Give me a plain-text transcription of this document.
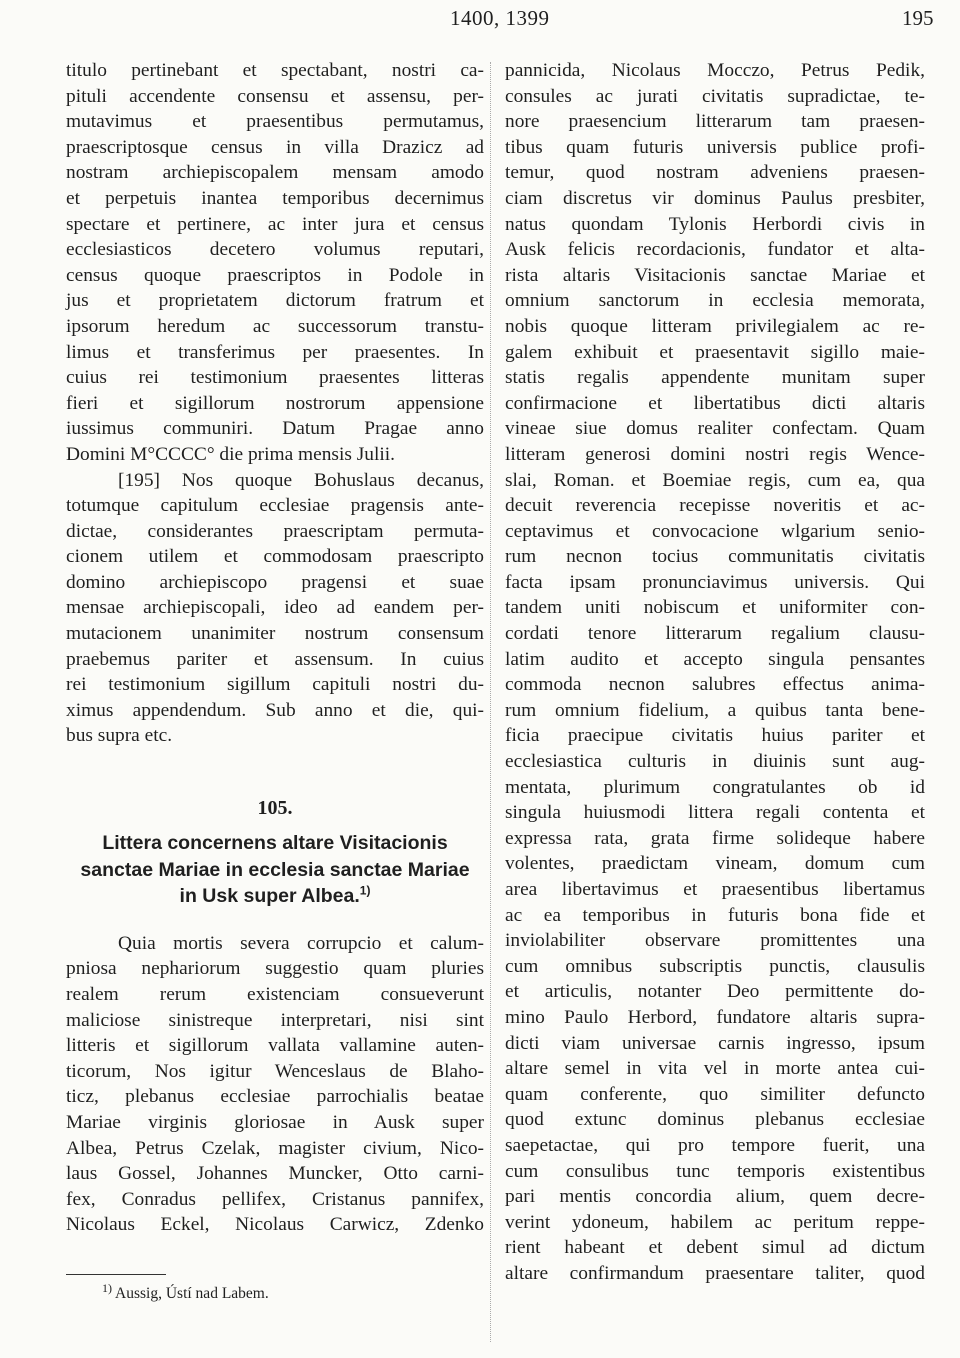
1400, 1399	195
titulo pertinebant et spectabant, nostri ca-
pituli accendente consensu et assensu, per-
mutavimus et praesentibus permutamus,
praescriptosque census in villa Drazicz ad
nostram archiepiscopalem mensam amodo
et perpetuis inantea temporibus decernimus
spectare et pertinere, ac inter jura et census
ecclesiasticos decetero volumus reputari,
census quoque praescriptos in Podole in
jus et proprietatem dictorum fratrum et
ipsorum heredum ac successorum transtu-
limus et transferimus per praesentes. In
cuius rei testimonium praesentes litteras
fieri et sigillorum nostrorum appensione
iussimus communiri. Datum Pragae anno
Domini M°CCCC° die prima mensis Julii.
[195] Nos quoque Bohuslaus decanus,
totumque capitulum ecclesiae pragensis ante-
dictae, considerantes praescriptam permuta-
cionem utilem et commodosam praescripto
domino archiepiscopo pragensi et suae
mensae archiepiscopali, ideo ad eandem per-
mutacionem unanimiter nostrum consensum
praebemus pariter et assensum. In cuius
rei testimonium sigillum capituli nostri du-
ximus appendendum. Sub anno et die, qui-
bus supra etc.
105.
Littera concernens altare Visitacionis
sanctae Mariae in ecclesia sanctae Mariae
in Usk super Albea.$^{1)}$
Quia mortis severa corrupcio et calum-
pniosa nephariorum suggestio quam pluries
realem rerum existenciam consueverunt
maliciose sinistreque interpretari, nisi sint
litteris et sigillorum vallata vallamine auten-
ticorum, Nos igitur Wenceslaus de Blaho-
ticz, plebanus ecclesiae parrochialis beatae
Mariae virginis gloriosae in Ausk super
Albea, Petrus Czelak, magister civium, Nico-
laus Gossel, Johannes Muncker, Otto carni-
fex, Conradus pellifex, Cristanus pannifex,
Nicolaus Eckel, Nicolaus Carwicz, Zdenko
$^{1)}$ Aussig, Ústí nad Labem.
pannicida, Nicolaus Mocczo, Petrus Pedik,
consules ac jurati civitatis supradictae, te-
nore praesencium litterarum tam praesen-
tibus quam futuris universis publice profi-
temur, quod nostram adveniens praesen-
ciam discretus vir dominus Paulus presbiter,
natus quondam Tylonis Herbordi civis in
Ausk felicis recordacionis, fundator et alta-
rista altaris Visitacionis sanctae Mariae et
omnium sanctorum in ecclesia memorata,
nobis quoque litteram privilegialem ac re-
galem exhibuit et praesentavit sigillo maie-
statis regalis appendente munitam super
confirmacione et libertatibus dicti altaris
vineae siue domus realiter confectam. Quam
litteram generosi domini nostri regis Wence-
slai, Roman. et Boemiae regis, cum ea, qua
decuit reverencia recepisse noveritis et ac-
ceptavimus et convocacione wlgarium senio-
rum necnon tocius communitatis civitatis
facta ipsam pronunciavimus universis. Qui
tandem uniti nobiscum et uniformiter con-
cordati tenore litterarum regalium clausu-
latim audito et accepto singula pensantes
commoda necnon salubres effectus anima-
rum omnium fidelium, a quibus tanta bene-
ficia praecipue civitatis huius pariter et
ecclesiastica culturis in diuinis sunt aug-
mentata, plurimum congratulantes ob id
singula huiusmodi littera regali contenta et
expressa rata, grata firme solideque habere
volentes, praedictam vineam, domum cum
area libertavimus et praesentibus libertamus
ac ea temporibus in futuris bona fide et
inviolabiliter observare promittentes una
cum omnibus subscriptis punctis, clausulis
et articulis, notanter Deo permittente do-
mino Paulo Herbord, fundatore altaris supra-
dicti viam universae carnis ingresso, ipsum
altare semel in vita vel in morte antea cui-
quam conferente, quo similiter defuncto
quod extunc dominus plebanus ecclesiae
saepetactae, qui pro tempore fuerit, una
cum consulibus tunc temporis existentibus
pari mentis concordia alium, quem decre-
verint ydoneum, habilem ac peritum reppe-
rient habeant et debent simul ad dictum
altare confirmandum praesentare taliter, quod
